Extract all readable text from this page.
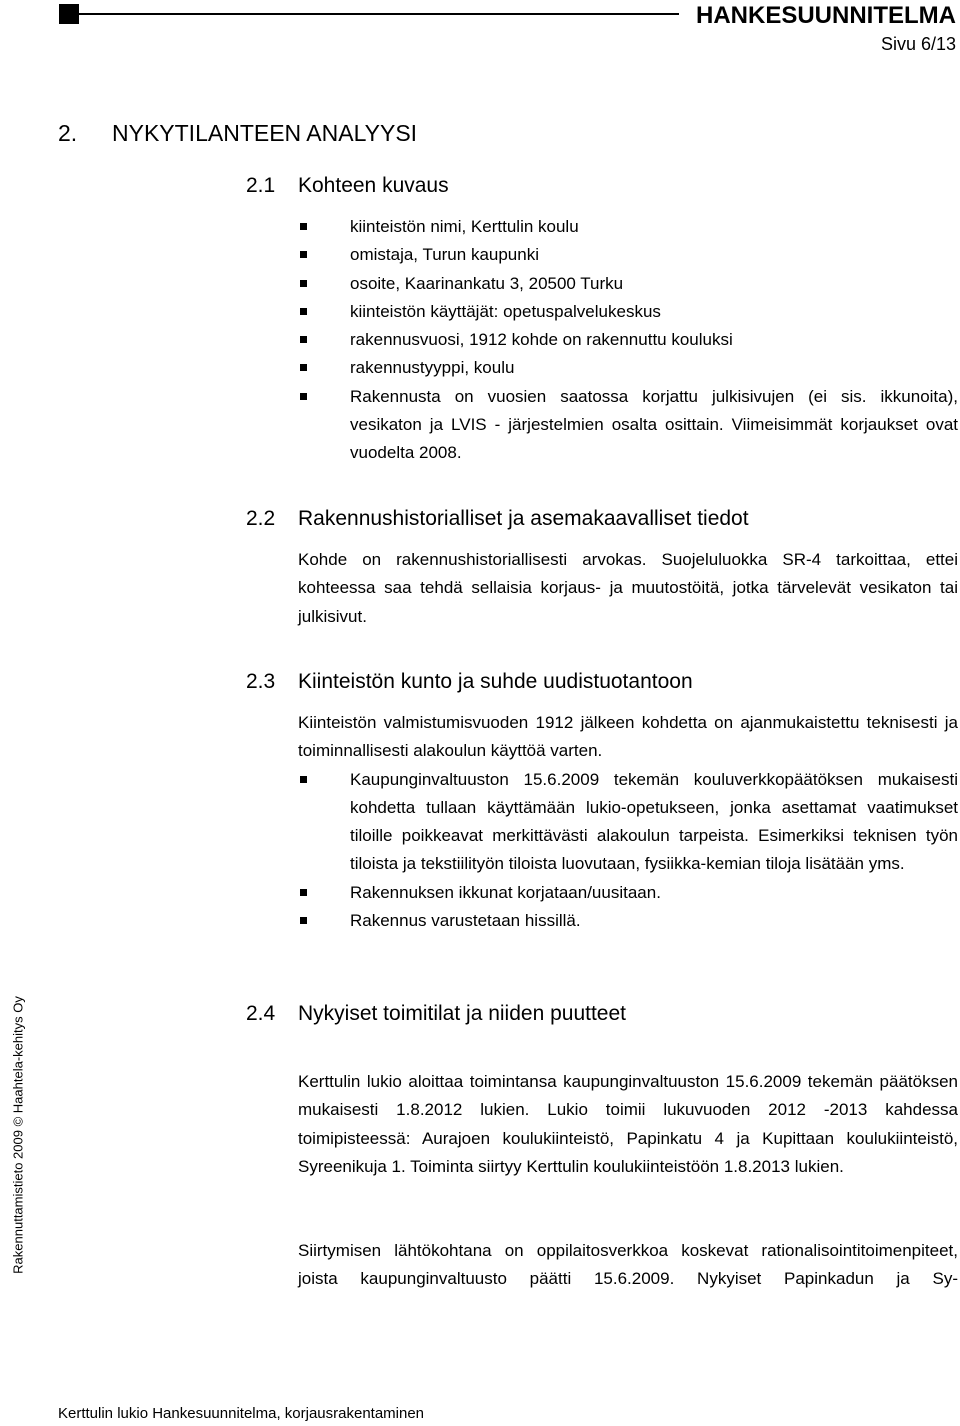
HANKESUUNNITELMA
Sivu 6/13
2. NYKYTILANTEEN ANALYYSI
2.1 Kohteen kuvaus
kiinteistön nimi, Kerttulin koulu
omistaja, Turun kaupunki
osoite, Kaarinankatu 3, 20500 Turku
kiinteistön käyttäjät: opetuspalvelukeskus
rakennusvuosi, 1912 kohde on rakennuttu kouluksi
rakennustyyppi, koulu
Rakennusta on vuosien saatossa korjattu julkisivujen (ei sis. ikkunoita), vesikaton ja LVIS - järjestelmien osalta osittain. Viimeisimmät korjaukset ovat vuodelta 2008.
2.2 Rakennushistorialliset ja asemakaavalliset tiedot
Kohde on rakennushistoriallisesti arvokas. Suojeluluokka SR-4 tarkoittaa, ettei kohteessa saa tehdä sellaisia korjaus- ja muutostöitä, jotka tärvelevät vesikaton tai julkisivut.
2.3 Kiinteistön kunto ja suhde uudistuotantoon
Kiinteistön valmistumisvuoden 1912 jälkeen kohdetta on ajanmukaistettu teknisesti ja toiminnallisesti alakoulun käyttöä varten.
Kaupunginvaltuuston 15.6.2009 tekemän kouluverkkopäätöksen mukaisesti kohdetta tullaan käyttämään lukio-opetukseen, jonka asettamat vaatimukset tiloille poikkeavat merkittävästi alakoulun tarpeista. Esimerkiksi teknisen työn tiloista ja tekstiilityön tiloista luovutaan, fysiikka-kemian tiloja lisätään yms.
Rakennuksen ikkunat korjataan/uusitaan.
Rakennus varustetaan hissillä.
2.4 Nykyiset toimitilat ja niiden puutteet
Kerttulin lukio aloittaa toimintansa kaupunginvaltuuston 15.6.2009 tekemän päätöksen mukaisesti 1.8.2012 lukien. Lukio toimii lukuvuoden 2012 -2013 kahdessa toimipisteessä: Aurajoen koulukiinteistö, Papinkatu 4 ja Kupittaan koulukiinteistö, Syreenikuja 1. Toiminta siirtyy Kerttulin koulukiinteistöön 1.8.2013 lukien.
Siirtymisen lähtökohtana on oppilaitosverkkoa koskevat rationalisointitoimenpiteet, joista kaupunginvaltuusto päätti 15.6.2009. Nykyiset Papinkadun ja Sy-
Rakennuttamistieto 2009 © Haahtela-kehitys Oy
Kerttulin lukio Hankesuunnitelma, korjausrakentaminen
